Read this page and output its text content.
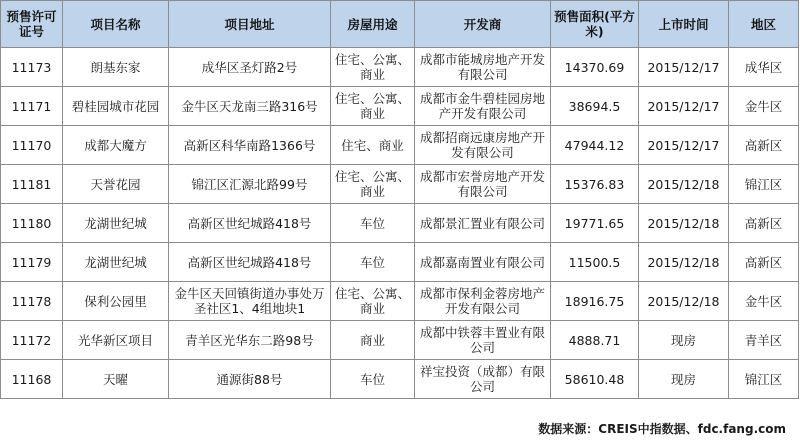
预售许可证号	项目名称	项目地址	房屋用途	开发商	预售面积(平方米)	上市时间	地区
11173	朗基东家	成华区圣灯路2号	住宅、公寓、商业	成都市能城房地产开发有限公司	14370.69	2015/12/17	成华区
11171	碧桂园城市花园	金牛区天龙南三路316号	住宅、公寓、商业	成都市金牛碧桂园房地产开发有限公司	38694.5	2015/12/17	金牛区
11170	成都大魔方	高新区科华南路1366号	住宅、商业	成都招商远康房地产开发有限公司	47944.12	2015/12/17	高新区
11181	天誉花园	锦江区汇源北路99号	住宅、公寓、商业	成都市宏誉房地产开发有限公司	15376.83	2015/12/18	锦江区
11180	龙湖世纪城	高新区世纪城路418号	车位	成都景汇置业有限公司	19771.65	2015/12/18	高新区
11179	龙湖世纪城	高新区世纪城路418号	车位	成都嘉南置业有限公司	11500.5	2015/12/18	高新区
11178	保利公园里	金牛区天回镇街道办事处万圣社区1、4组地块1	住宅、公寓、商业	成都市保利金蓉房地产开发有限公司	18916.75	2015/12/18	金牛区
11172	光华新区项目	青羊区光华东二路98号	商业	成都中铁蓉丰置业有限公司	4888.71	现房	青羊区
11168	天曜	通源街88号	车位	祥宝投资（成都）有限公司	58610.48	现房	锦江区
数据来源：CREIS中指数据、fdc.fang.com
